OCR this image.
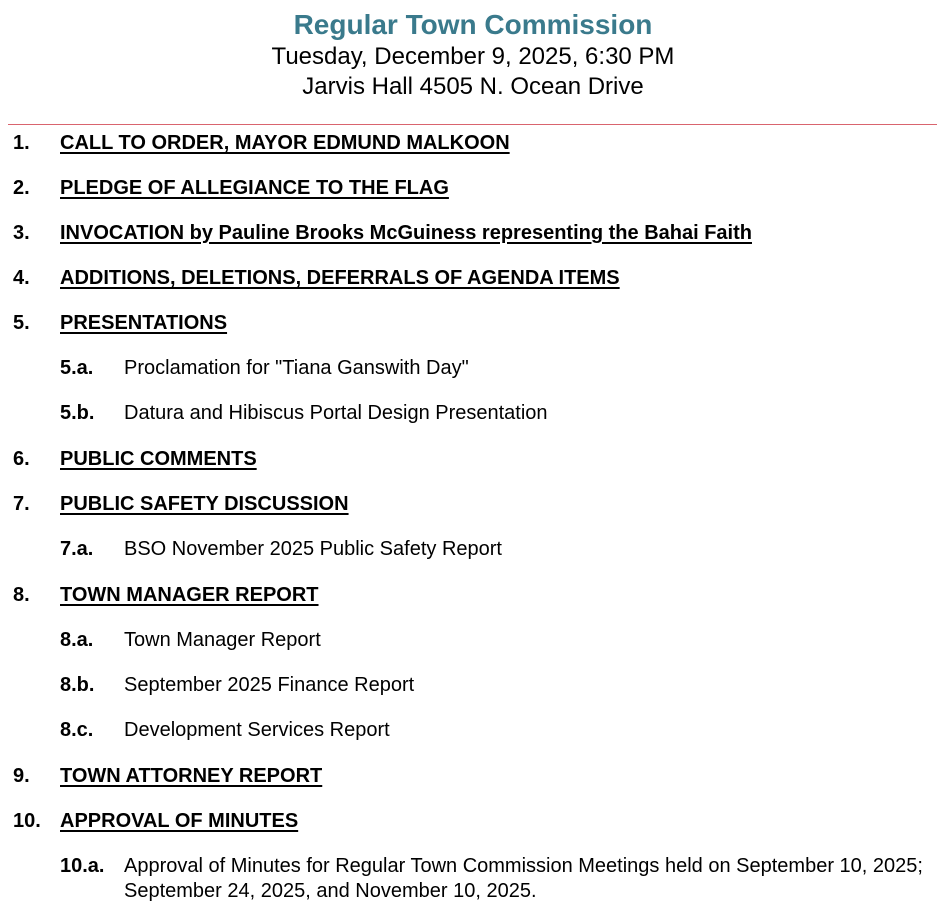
Regular Town Commission
Tuesday, December 9, 2025, 6:30 PM
Jarvis Hall 4505 N. Ocean Drive
1. CALL TO ORDER, MAYOR EDMUND MALKOON
2. PLEDGE OF ALLEGIANCE TO THE FLAG
3. INVOCATION by Pauline Brooks McGuiness representing the Bahai Faith
4. ADDITIONS, DELETIONS, DEFERRALS OF AGENDA ITEMS
5. PRESENTATIONS
5.a. Proclamation for "Tiana Ganswith Day"
5.b. Datura and Hibiscus Portal Design Presentation
6. PUBLIC COMMENTS
7. PUBLIC SAFETY DISCUSSION
7.a. BSO November 2025 Public Safety Report
8. TOWN MANAGER REPORT
8.a. Town Manager Report
8.b. September 2025 Finance Report
8.c. Development Services Report
9. TOWN ATTORNEY REPORT
10. APPROVAL OF MINUTES
10.a. Approval of Minutes for Regular Town Commission Meetings held on September 10, 2025; September 24, 2025, and November 10, 2025.
